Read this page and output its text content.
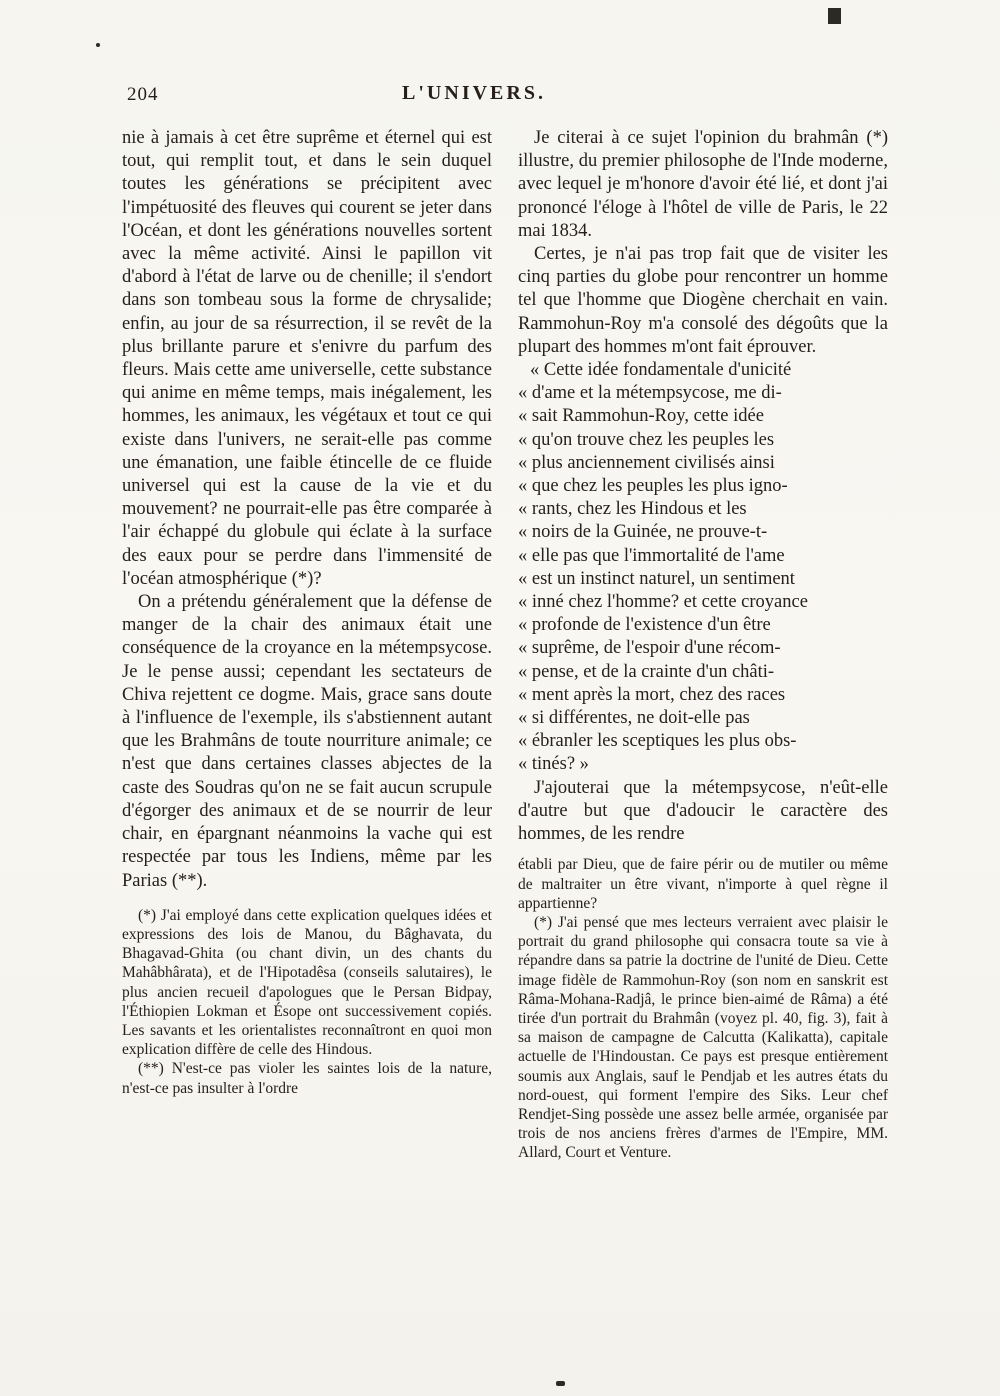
204	L'UNIVERS.

nie à jamais à cet être suprême et éternel qui est tout, qui remplit tout, et dans le sein duquel toutes les générations se précipitent avec l'impétuosité des fleuves qui courent se jeter dans l'Océan, et dont les générations nouvelles sortent avec la même activité. Ainsi le papillon vit d'abord à l'état de larve ou de chenille; il s'endort dans son tombeau sous la forme de chrysalide; enfin, au jour de sa résurrection, il se revêt de la plus brillante parure et s'enivre du parfum des fleurs. Mais cette ame universelle, cette substance qui anime en même temps, mais inégalement, les hommes, les animaux, les végétaux et tout ce qui existe dans l'univers, ne serait-elle pas comme une émanation, une faible étincelle de ce fluide universel qui est la cause de la vie et du mouvement? ne pourrait-elle pas être comparée à l'air échappé du globule qui éclate à la surface des eaux pour se perdre dans l'immensité de l'océan atmosphérique (*)?

On a prétendu généralement que la défense de manger de la chair des animaux était une conséquence de la croyance en la métempsycose. Je le pense aussi; cependant les sectateurs de Chiva rejettent ce dogme. Mais, grace sans doute à l'influence de l'exemple, ils s'abstiennent autant que les Brahmâns de toute nourriture animale; ce n'est que dans certaines classes abjectes de la caste des Soudras qu'on ne se fait aucun scrupule d'égorger des animaux et de se nourrir de leur chair, en épargnant néanmoins la vache qui est respectée par tous les Indiens, même par les Parias (**).

(*) J'ai employé dans cette explication quelques idées et expressions des lois de Manou, du Bâghavata, du Bhagavad-Ghita (ou chant divin, un des chants du Mahâbhârata), et de l'Hipotadêsa (conseils salutaires), le plus ancien recueil d'apologues que le Persan Bidpay, l'Éthiopien Lokman et Ésope ont successivement copiés. Les savants et les orientalistes reconnaîtront en quoi mon explication diffère de celle des Hindous.

(**) N'est-ce pas violer les saintes lois de la nature, n'est-ce pas insulter à l'ordre

Je citerai à ce sujet l'opinion du brahmân (*) illustre, du premier philosophe de l'Inde moderne, avec lequel je m'honore d'avoir été lié, et dont j'ai prononcé l'éloge à l'hôtel de ville de Paris, le 22 mai 1834.

Certes, je n'ai pas trop fait que de visiter les cinq parties du globe pour rencontrer un homme tel que l'homme que Diogène cherchait en vain. Rammohun-Roy m'a consolé des dégoûts que la plupart des hommes m'ont fait éprouver.

« Cette idée fondamentale d'unicité
« d'ame et la métempsycose, me di-
« sait Rammohun-Roy, cette idée
« qu'on trouve chez les peuples les
« plus anciennement civilisés ainsi
« que chez les peuples les plus igno-
« rants, chez les Hindous et les
« noirs de la Guinée, ne prouve-t-
« elle pas que l'immortalité de l'ame
« est un instinct naturel, un sentiment
« inné chez l'homme? et cette croyance
« profonde de l'existence d'un être
« suprême, de l'espoir d'une récom-
« pense, et de la crainte d'un châti-
« ment après la mort, chez des races
« si différentes, ne doit-elle pas
« ébranler les sceptiques les plus obs-
« tinés? »

J'ajouterai que la métempsycose, n'eût-elle d'autre but que d'adoucir le caractère des hommes, de les rendre

établi par Dieu, que de faire périr ou de mutiler ou même de maltraiter un être vivant, n'importe à quel règne il appartienne?

(*) J'ai pensé que mes lecteurs verraient avec plaisir le portrait du grand philosophe qui consacra toute sa vie à répandre dans sa patrie la doctrine de l'unité de Dieu. Cette image fidèle de Rammohun-Roy (son nom en sanskrit est Râma-Mohana-Radjâ, le prince bien-aimé de Râma) a été tirée d'un portrait du Brahmân (voyez pl. 40, fig. 3), fait à sa maison de campagne de Calcutta (Kalikatta), capitale actuelle de l'Hindoustan. Ce pays est presque entièrement soumis aux Anglais, sauf le Pendjab et les autres états du nord-ouest, qui forment l'empire des Siks. Leur chef Rendjet-Sing possède une assez belle armée, organisée par trois de nos anciens frères d'armes de l'Empire, MM. Allard, Court et Venture.
